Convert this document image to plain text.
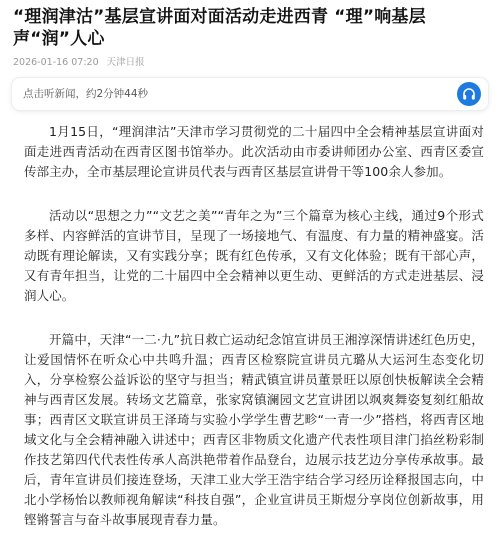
“理润津沽”基层宣讲面对面活动走进西青 “理”响基层声“润”人心
2026-01-16 07:20 天津日报
点击听新闻，约2分钟44秒

1月15日，“理润津沽”天津市学习贯彻党的二十届四中全会精神基层宣讲面对面走进西青活动在西青区图书馆举办。此次活动由市委讲师团办公室、西青区委宣传部主办，全市基层理论宣讲员代表与西青区基层宣讲骨干等100余人参加。

活动以“思想之力”“文艺之美”“青年之为”三个篇章为核心主线，通过9个形式多样、内容鲜活的宣讲节目，呈现了一场接地气、有温度、有力量的精神盛宴。活动既有理论解读，又有实践分享；既有红色传承，又有文化体验；既有干部心声，又有青年担当，让党的二十届四中全会精神以更生动、更鲜活的方式走进基层、浸润人心。

开篇中，天津“一二·九”抗日救亡运动纪念馆宣讲员王湘淳深情讲述红色历史，让爱国情怀在听众心中共鸣升温；西青区检察院宣讲员亢璐从大运河生态变化切入，分享检察公益诉讼的坚守与担当；精武镇宣讲员董景旺以原创快板解读全会精神与西青区发展。转场文艺篇章，张家窝镇澜园文艺宣讲团以飒爽舞姿复刻红船故事；西青区文联宣讲员王泽琦与实验小学学生曹艺畛“一青一少”搭档，将西青区地域文化与全会精神融入讲述中；西青区非物质文化遗产代表性项目津门掐丝粉彩制作技艺第四代代表性传承人高洪艳带着作品登台，边展示技艺边分享传承故事。最后，青年宣讲员们接连登场，天津工业大学王浩宇结合学习经历诠释报国志向，中北小学杨怡以教师视角解读“科技自强”，企业宣讲员王斯煜分享岗位创新故事，用铿锵誓言与奋斗故事展现青春力量。
